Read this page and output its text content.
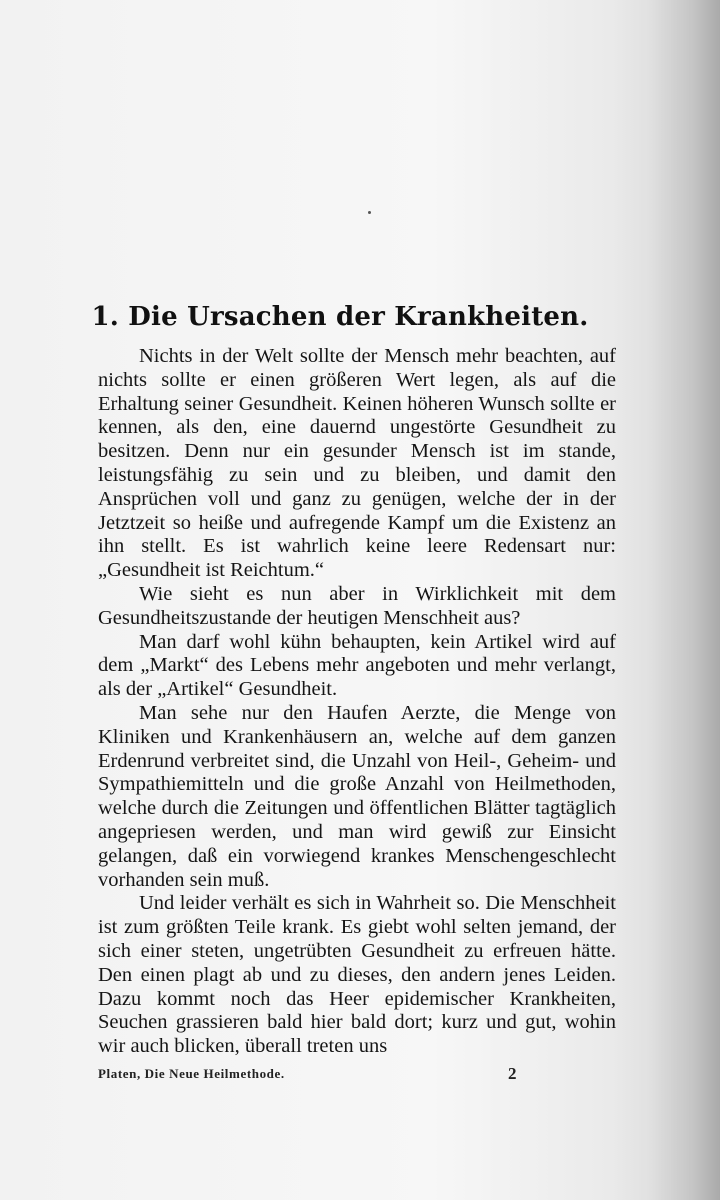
1. Die Ursachen der Krankheiten.

Nichts in der Welt sollte der Mensch mehr beachten, auf nichts sollte er einen größeren Wert legen, als auf die Erhaltung seiner Gesundheit. Keinen höheren Wunsch sollte er kennen, als den, eine dauernd ungestörte Gesundheit zu besitzen. Denn nur ein gesunder Mensch ist im stande, leistungsfähig zu sein und zu bleiben, und damit den Ansprüchen voll und ganz zu genügen, welche der in der Jetztzeit so heiße und aufregende Kampf um die Existenz an ihn stellt. Es ist wahrlich keine leere Redensart nur: „Gesundheit ist Reichtum.“

Wie sieht es nun aber in Wirklichkeit mit dem Gesundheitszustande der heutigen Menschheit aus?

Man darf wohl kühn behaupten, kein Artikel wird auf dem „Markt“ des Lebens mehr angeboten und mehr verlangt, als der „Artikel“ Gesundheit.

Man sehe nur den Haufen Aerzte, die Menge von Kliniken und Krankenhäusern an, welche auf dem ganzen Erdenrund verbreitet sind, die Unzahl von Heil-, Geheim- und Sympathiemitteln und die große Anzahl von Heilmethoden, welche durch die Zeitungen und öffentlichen Blätter tagtäglich angepriesen werden, und man wird gewiß zur Einsicht gelangen, daß ein vorwiegend krankes Menschengeschlecht vorhanden sein muß.

Und leider verhält es sich in Wahrheit so. Die Menschheit ist zum größten Teile krank. Es giebt wohl selten jemand, der sich einer steten, ungetrübten Gesundheit zu erfreuen hätte. Den einen plagt ab und zu dieses, den andern jenes Leiden. Dazu kommt noch das Heer epidemischer Krankheiten, Seuchen grassieren bald hier bald dort; kurz und gut, wohin wir auch blicken, überall treten uns

Platen, Die Neue Heilmethode.	2
